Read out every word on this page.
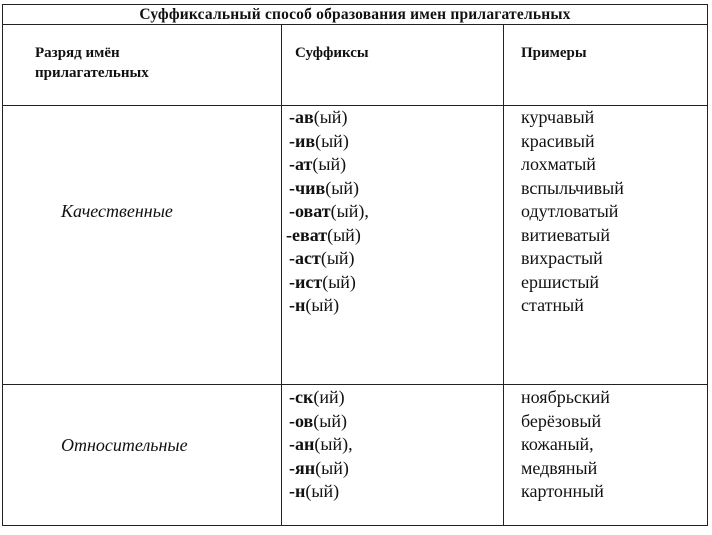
Суффиксальный способ образования имен прилагательных
Разряд имён
прилагательных
Суффиксы	Примеры
Качественные
-ав(ый)
-ив(ый)
-ат(ый)
-чив(ый)
-оват(ый),
-еват(ый)
-аст(ый)
-ист(ый)
-н(ый)
курчавый
красивый
лохматый
вспыльчивый
одутловатый
витиеватый
вихрастый
ершистый
статный
Относительные
-ск(ий)
-ов(ый)
-ан(ый),
-ян(ый)
-н(ый)
ноябрьский
берёзовый
кожаный,
медвяный
картонный
